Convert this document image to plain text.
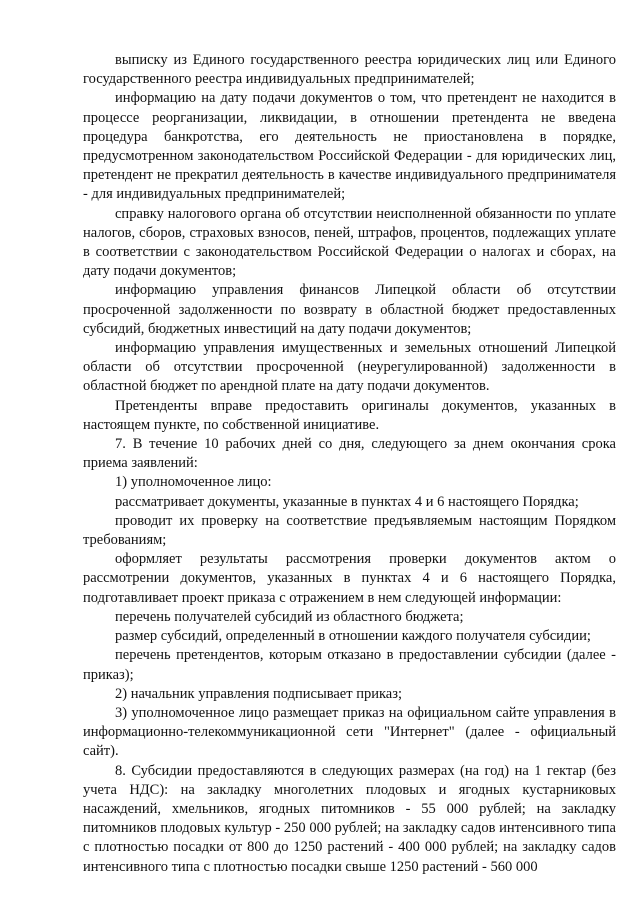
выписку из Единого государственного реестра юридических лиц или Единого государственного реестра индивидуальных предпринимателей;

информацию на дату подачи документов о том, что претендент не находится в процессе реорганизации, ликвидации, в отношении претендента не введена процедура банкротства, его деятельность не приостановлена в порядке, предусмотренном законодательством Российской Федерации - для юридических лиц, претендент не прекратил деятельность в качестве индивидуального предпринимателя - для индивидуальных предпринимателей;

справку налогового органа об отсутствии неисполненной обязанности по уплате налогов, сборов, страховых взносов, пеней, штрафов, процентов, подлежащих уплате в соответствии с законодательством Российской Федерации о налогах и сборах, на дату подачи документов;

информацию управления финансов Липецкой области об отсутствии просроченной задолженности по возврату в областной бюджет предоставленных субсидий, бюджетных инвестиций на дату подачи документов;

информацию управления имущественных и земельных отношений Липецкой области об отсутствии просроченной (неурегулированной) задолженности в областной бюджет по арендной плате на дату подачи документов.

Претенденты вправе предоставить оригиналы документов, указанных в настоящем пункте, по собственной инициативе.

7. В течение 10 рабочих дней со дня, следующего за днем окончания срока приема заявлений:

1) уполномоченное лицо:

рассматривает документы, указанные в пунктах 4 и 6 настоящего Порядка;

проводит их проверку на соответствие предъявляемым настоящим Порядком требованиям;

оформляет результаты рассмотрения проверки документов актом о рассмотрении документов, указанных в пунктах 4 и 6 настоящего Порядка, подготавливает проект приказа с отражением в нем следующей информации:

перечень получателей субсидий из областного бюджета;

размер субсидий, определенный в отношении каждого получателя субсидии;

перечень претендентов, которым отказано в предоставлении субсидии (далее - приказ);

2) начальник управления подписывает приказ;

3) уполномоченное лицо размещает приказ на официальном сайте управления в информационно-телекоммуникационной сети "Интернет" (далее - официальный сайт).

8. Субсидии предоставляются в следующих размерах (на год) на 1 гектар (без учета НДС): на закладку многолетних плодовых и ягодных кустарниковых насаждений, хмельников, ягодных питомников - 55 000 рублей; на закладку питомников плодовых культур - 250 000 рублей; на закладку садов интенсивного типа с плотностью посадки от 800 до 1250 растений - 400 000 рублей; на закладку садов интенсивного типа с плотностью посадки свыше 1250 растений - 560 000
